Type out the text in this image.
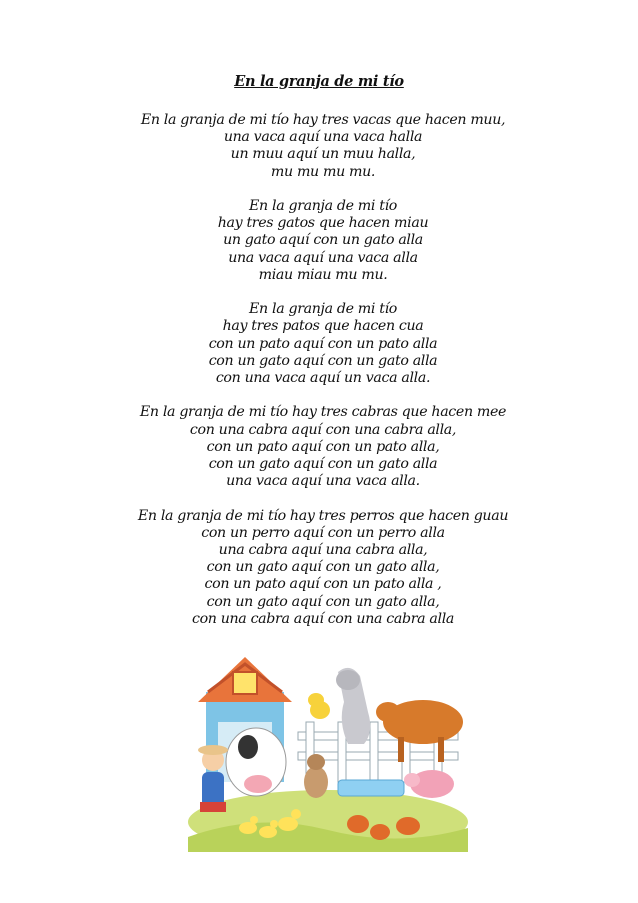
En la granja de mi tío
En la granja de mi tío hay tres vacas que hacen muu,
una vaca aquí una vaca halla
un muu aquí un muu halla,
mu mu mu mu.
En la granja de mi tío
hay tres gatos que hacen miau
un gato aquí con un gato alla
una vaca aquí una vaca alla
miau miau mu mu.
En la granja de mi tío
hay tres patos que hacen cua
con un pato aquí con un pato alla
con un gato aquí con un gato alla
con una vaca aquí un vaca alla.
En la granja de mi tío hay tres cabras que hacen mee
con una cabra aquí con una cabra alla,
con un pato aquí con un pato alla,
con un gato aquí con un gato alla
una vaca aquí una vaca alla.
En la granja de mi tío hay tres perros que hacen guau
con un perro aquí con un perro alla
una cabra aquí una cabra alla,
con un gato aquí con un gato alla,
con un pato aquí con un pato alla ,
con un gato aquí con un gato alla,
con una cabra aquí con una cabra alla
